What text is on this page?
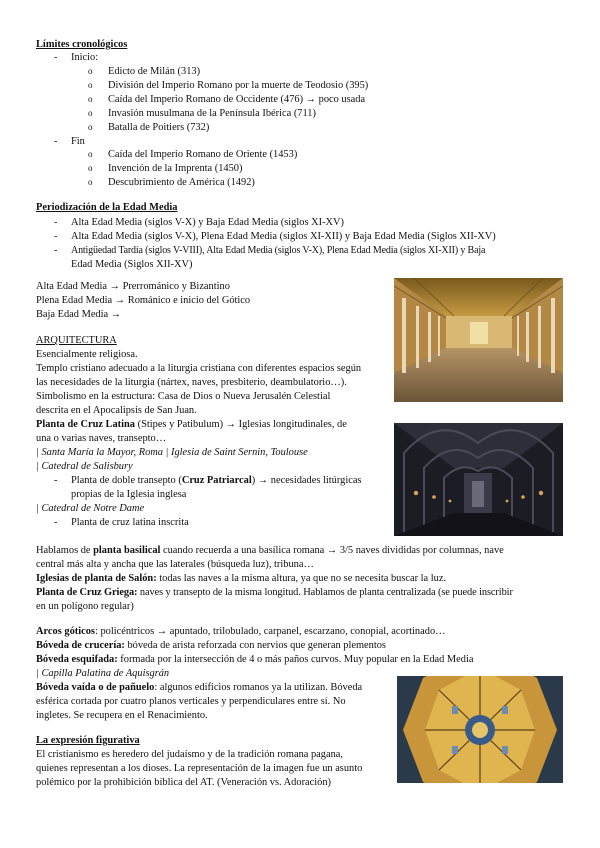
Límites cronológicos
- Inicio:
o Edicto de Milán (313)
o División del Imperio Romano por la muerte de Teodosio (395)
o Caída del Imperio Romano de Occidente (476) → poco usada
o Invasión musulmana de la Península Ibérica (711)
o Batalla de Poitiers (732)
- Fin
o Caída del Imperio Romano de Oriente (1453)
o Invención de la Imprenta (1450)
o Descubrimiento de América (1492)
Periodización de la Edad Media
- Alta Edad Media (siglos V-X) y Baja Edad Media (siglos XI-XV)
- Alta Edad Media (siglos V-X), Plena Edad Media (siglos XI-XII) y Baja Edad Media (Siglos XII-XV)
- Antigüedad Tardía (siglos V-VIII), Alta Edad Media (siglos V-X), Plena Edad Media (siglos XI-XII) y Baja
Edad Media (Siglos XII-XV)
Alta Edad Media → Prerrománico y Bizantino
Plena Edad Media → Románico e inicio del Gótico
Baja Edad Media →
ARQUITECTURA
Esencialmente religiosa.
Templo cristiano adecuado a la liturgia cristiana con diferentes espacios según
las necesidades de la liturgia (nártex, naves, presbiterio, deambulatorio…).
Simbolismo en la estructura: Casa de Dios o Nueva Jerusalén Celestial
descrita en el Apocalipsis de San Juan.
Planta de Cruz Latina (Stipes y Patibulum) → Iglesias longitudinales, de
una o varias naves, transepto…
| Santa María la Mayor, Roma | Iglesia de Saint Sernin, Toulouse
| Catedral de Salisbury
- Planta de doble transepto (Cruz Patriarcal) → necesidades litúrgicas
propias de la Iglesia inglesa
| Catedral de Notre Dame
- Planta de cruz latina inscrita
Hablamos de planta basilical cuando recuerda a una basílica romana → 3/5 naves divididas por columnas, nave
central más alta y ancha que las laterales (búsqueda luz), tribuna…
Iglesias de planta de Salón: todas las naves a la misma altura, ya que no se necesita buscar la luz.
Planta de Cruz Griega: naves y transepto de la misma longitud. Hablamos de planta centralizada (se puede inscribir
en un polígono regular)
Arcos góticos: policéntricos → apuntado, trilobulado, carpanel, escarzano, conopial, acortinado…
Bóveda de crucería: bóveda de arista reforzada con nervios que generan plementos
Bóveda esquifada: formada por la intersección de 4 o más paños curvos. Muy popular en la Edad Media
| Capilla Palatina de Aquisgrán
Bóveda vaída o de pañuelo: algunos edificios romanos ya la utilizan. Bóveda
esférica cortada por cuatro planos verticales y perpendiculares entre sí. No
ingletes. Se recupera en el Renacimiento.
La expresión figurativa
El cristianismo es heredero del judaísmo y de la tradición romana pagana,
quienes representan a los dioses. La representación de la imagen fue un asunto
polémico por la prohibición bíblica del AT. (Veneración vs. Adoración)
